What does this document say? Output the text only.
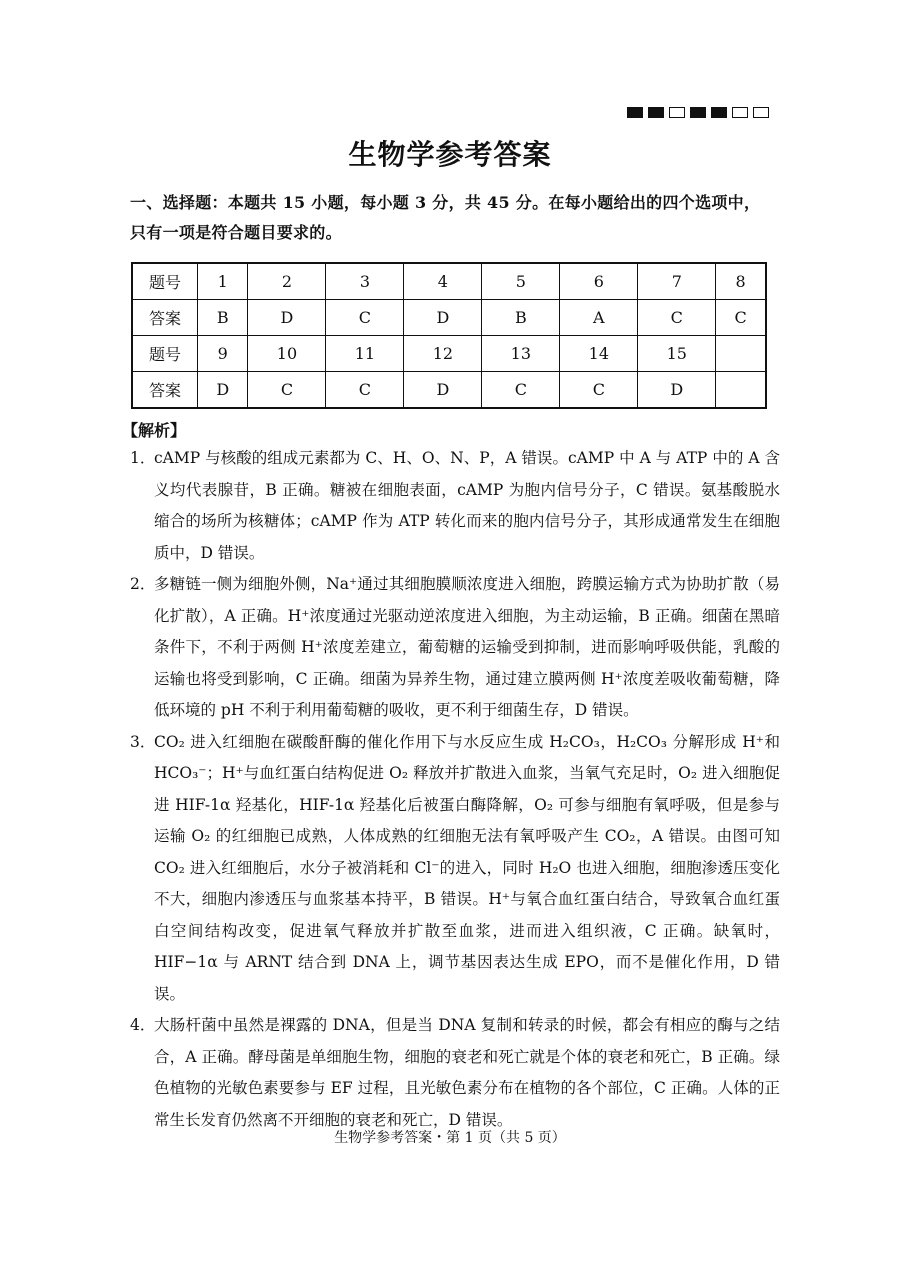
生物学参考答案
一、选择题：本题共 15 小题，每小题 3 分，共 45 分。在每小题给出的四个选项中，只有一项是符合题目要求的。
题号	1	2	3	4	5	6	7	8
答案	B	D	C	D	B	A	C	C
题号	9	10	11	12	13	14	15	
答案	D	C	C	D	C	C	D	
【解析】
1．
cAMP 与核酸的组成元素都为 C、H、O、N、P，A 错误。cAMP 中 A 与 ATP 中的 A 含义均代表腺苷，B 正确。糖被在细胞表面，cAMP 为胞内信号分子，C 错误。氨基酸脱水缩合的场所为核糖体；cAMP 作为 ATP 转化而来的胞内信号分子，其形成通常发生在细胞质中，D 错误。
2．
多糖链一侧为细胞外侧，Na⁺通过其细胞膜顺浓度进入细胞，跨膜运输方式为协助扩散（易化扩散），A 正确。H⁺浓度通过光驱动逆浓度进入细胞，为主动运输，B 正确。细菌在黑暗条件下，不利于两侧 H⁺浓度差建立，葡萄糖的运输受到抑制，进而影响呼吸供能，乳酸的运输也将受到影响，C 正确。细菌为异养生物，通过建立膜两侧 H⁺浓度差吸收葡萄糖，降低环境的 pH 不利于利用葡萄糖的吸收，更不利于细菌生存，D 错误。
3．
CO₂ 进入红细胞在碳酸酐酶的催化作用下与水反应生成 H₂CO₃，H₂CO₃ 分解形成 H⁺和 HCO₃⁻；H⁺与血红蛋白结构促进 O₂ 释放并扩散进入血浆，当氧气充足时，O₂ 进入细胞促进 HIF-1α 羟基化，HIF-1α 羟基化后被蛋白酶降解，O₂ 可参与细胞有氧呼吸，但是参与运输 O₂ 的红细胞已成熟，人体成熟的红细胞无法有氧呼吸产生 CO₂，A 错误。由图可知 CO₂ 进入红细胞后，水分子被消耗和 Cl⁻的进入，同时 H₂O 也进入细胞，细胞渗透压变化不大，细胞内渗透压与血浆基本持平，B 错误。H⁺与氧合血红蛋白结合，导致氧合血红蛋白空间结构改变，促进氧气释放并扩散至血浆，进而进入组织液，C 正确。缺氧时，HIF−1α 与 ARNT 结合到 DNA 上，调节基因表达生成 EPO，而不是催化作用，D 错误。
4．
大肠杆菌中虽然是裸露的 DNA，但是当 DNA 复制和转录的时候，都会有相应的酶与之结合，A 正确。酵母菌是单细胞生物，细胞的衰老和死亡就是个体的衰老和死亡，B 正确。绿色植物的光敏色素要参与 EF 过程，且光敏色素分布在植物的各个部位，C 正确。人体的正常生长发育仍然离不开细胞的衰老和死亡，D 错误。
生物学参考答案・第 1 页（共 5 页）
